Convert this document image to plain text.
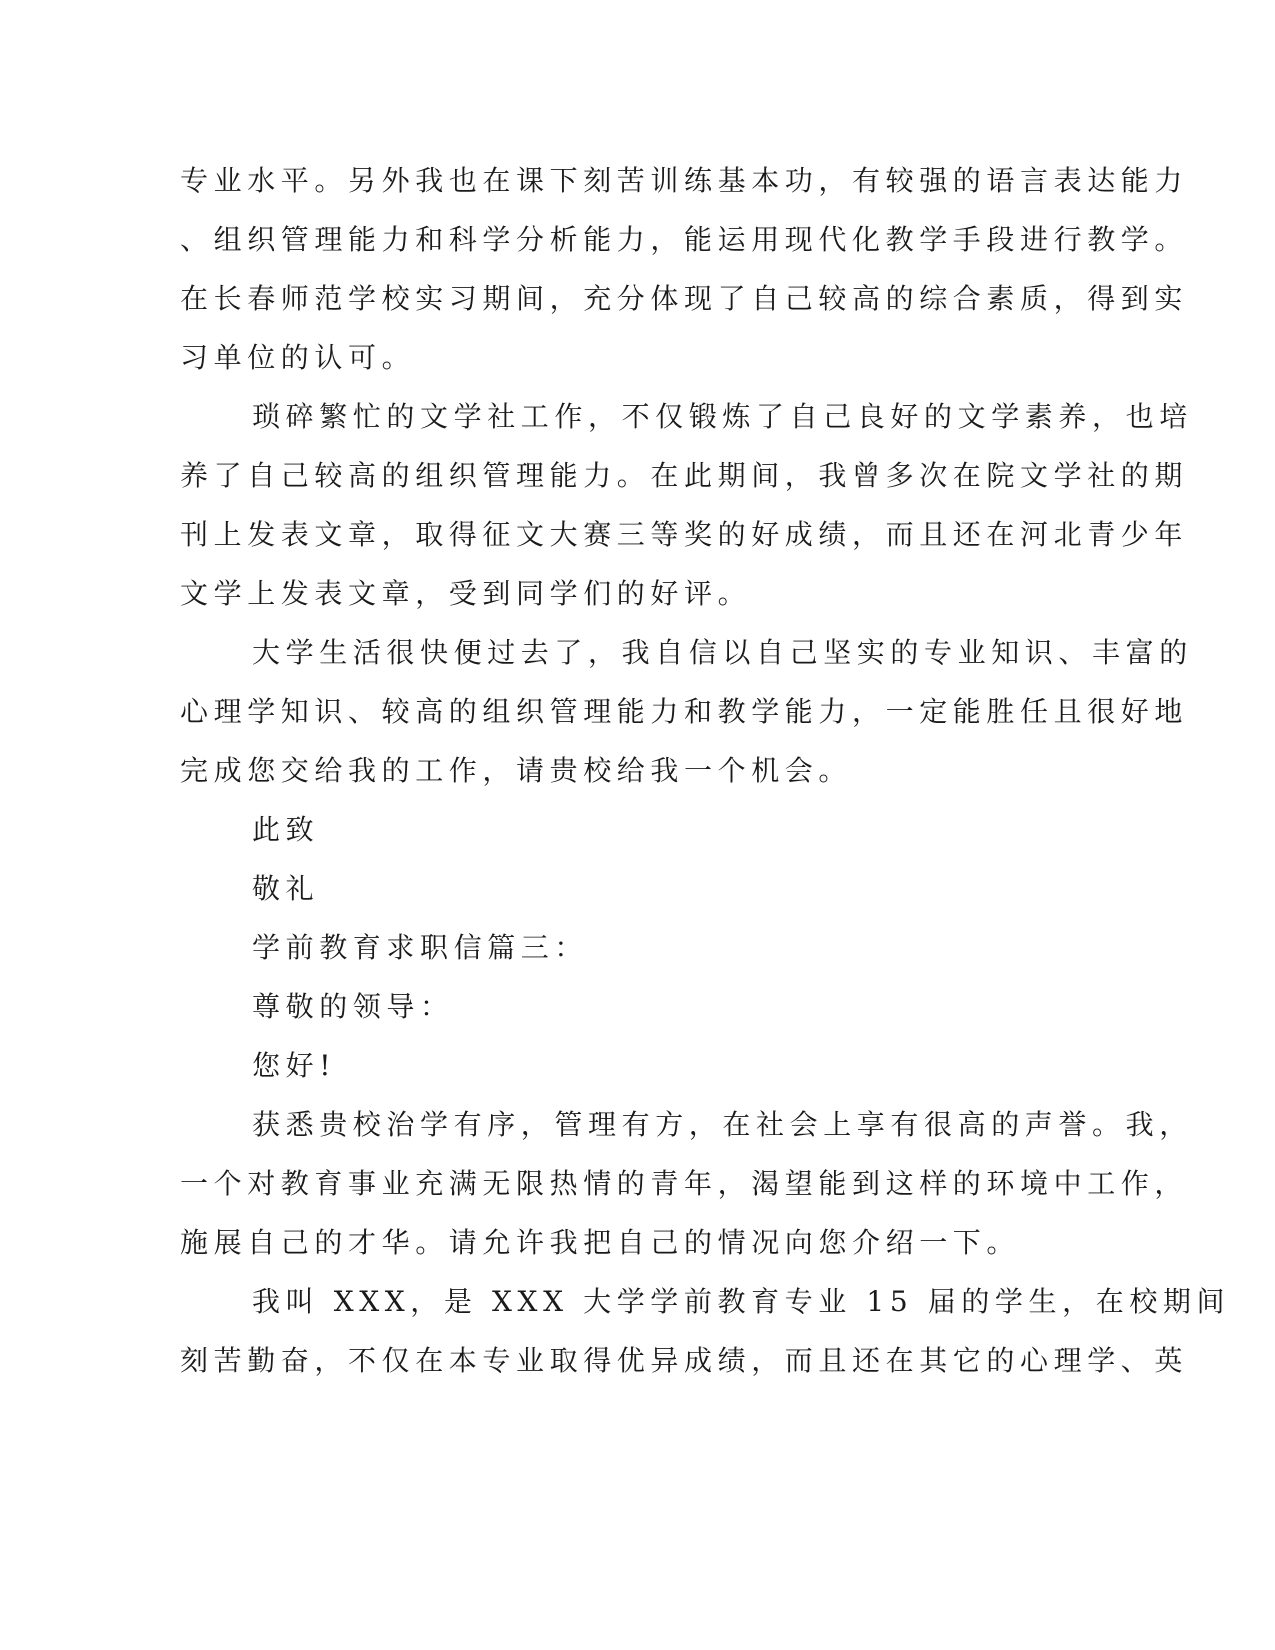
专业水平。另外我也在课下刻苦训练基本功，有较强的语言表达能力
、组织管理能力和科学分析能力，能运用现代化教学手段进行教学。
在长春师范学校实习期间，充分体现了自己较高的综合素质，得到实
习单位的认可。
琐碎繁忙的文学社工作，不仅锻炼了自己良好的文学素养，也培
养了自己较高的组织管理能力。在此期间，我曾多次在院文学社的期
刊上发表文章，取得征文大赛三等奖的好成绩，而且还在河北青少年
文学上发表文章，受到同学们的好评。
大学生活很快便过去了，我自信以自己坚实的专业知识、丰富的
心理学知识、较高的组织管理能力和教学能力，一定能胜任且很好地
完成您交给我的工作，请贵校给我一个机会。
此致
敬礼
学前教育求职信篇三：
尊敬的领导：
您好!
获悉贵校治学有序，管理有方，在社会上享有很高的声誉。我，
一个对教育事业充满无限热情的青年，渴望能到这样的环境中工作，
施展自己的才华。请允许我把自己的情况向您介绍一下。
我叫 XXX，是 XXX 大学学前教育专业 15 届的学生，在校期间
刻苦勤奋，不仅在本专业取得优异成绩，而且还在其它的心理学、英
